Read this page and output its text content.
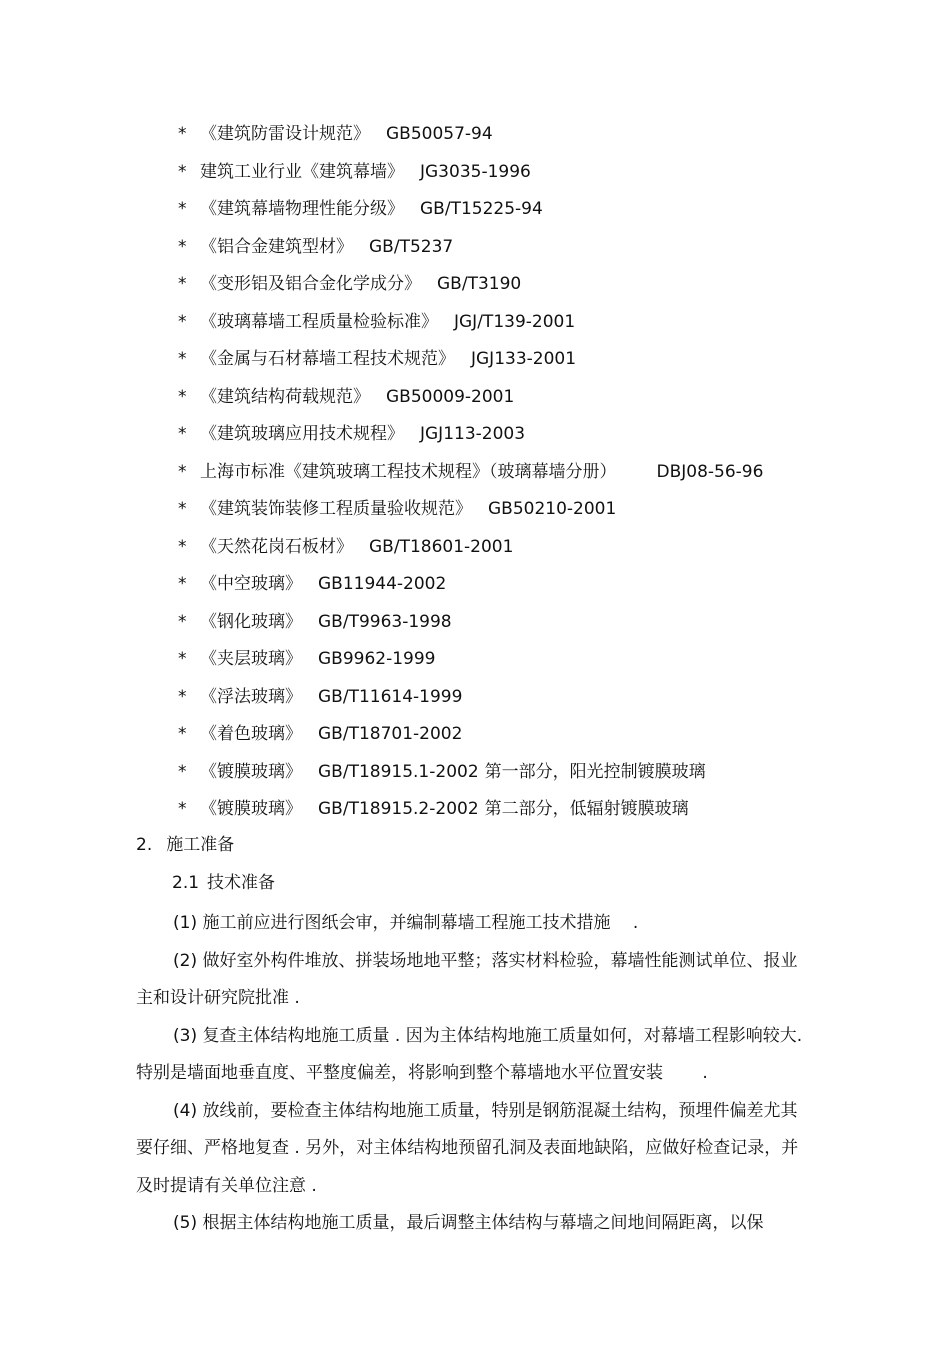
* 《建筑防雷设计规范》 GB50057-94
* 建筑工业行业《建筑幕墙》 JG3035-1996
* 《建筑幕墙物理性能分级》 GB/T15225-94
* 《铝合金建筑型材》 GB/T5237
* 《变形铝及铝合金化学成分》 GB/T3190
* 《玻璃幕墙工程质量检验标准》 JGJ/T139-2001
* 《金属与石材幕墙工程技术规范》 JGJ133-2001
* 《建筑结构荷载规范》 GB50009-2001
* 《建筑玻璃应用技术规程》 JGJ113-2003
* 上海市标准《建筑玻璃工程技术规程》（玻璃幕墙分册） DBJ08-56-96
* 《建筑装饰装修工程质量验收规范》 GB50210-2001
* 《天然花岗石板材》 GB/T18601-2001
* 《中空玻璃》 GB11944-2002
* 《钢化玻璃》 GB/T9963-1998
* 《夹层玻璃》 GB9962-1999
* 《浮法玻璃》 GB/T11614-1999
* 《着色玻璃》 GB/T18701-2002
* 《镀膜玻璃》 GB/T18915.1-2002 第一部分，阳光控制镀膜玻璃
* 《镀膜玻璃》 GB/T18915.2-2002 第二部分，低辐射镀膜玻璃
2. 施工准备
2.1 技术准备

(1) 施工前应进行图纸会审，并编制幕墙工程施工技术措施　 .

(2) 做好室外构件堆放、拼装场地地平整；落实材料检验，幕墙性能测试单位、报业主和设计研究院批准 .

(3) 复查主体结构地施工质量 . 因为主体结构地施工质量如何，对幕墙工程影响较大. 特别是墙面地垂直度、平整度偏差，将影响到整个幕墙地水平位置安装　　 .

(4) 放线前，要检查主体结构地施工质量，特别是钢筋混凝土结构，预埋件偏差尤其要仔细、严格地复查 . 另外，对主体结构地预留孔洞及表面地缺陷，应做好检查记录，并及时提请有关单位注意 .

(5) 根据主体结构地施工质量，最后调整主体结构与幕墙之间地间隔距离，以保
